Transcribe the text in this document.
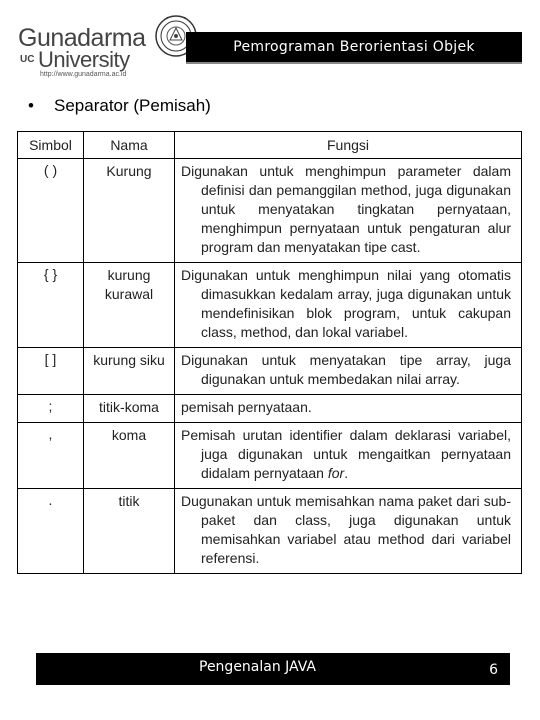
Gunadarma
UC University
http://www.gunadarma.ac.id
Pemrograman Berorientasi Objek
• Separator (Pemisah)
Simbol	Nama	Fungsi
( )	Kurung	Digunakan untuk menghimpun parameter dalam definisi dan pemanggilan method, juga digunakan untuk menyatakan tingkatan pernyataan, menghimpun pernyataan untuk pengaturan alur program dan menyatakan tipe cast.
{ }	kurung kurawal	Digunakan untuk menghimpun nilai yang otomatis dimasukkan kedalam array, juga digunakan untuk mendefinisikan blok program, untuk cakupan class, method, dan lokal variabel.
[ ]	kurung siku	Digunakan untuk menyatakan tipe array, juga digunakan untuk membedakan nilai array.
;	titik-koma	pemisah pernyataan.
,	koma	Pemisah urutan identifier dalam deklarasi variabel, juga digunakan untuk mengaitkan pernyataan didalam pernyataan for.
.	titik	Dugunakan untuk memisahkan nama paket dari sub-paket dan class, juga digunakan untuk memisahkan variabel atau method dari variabel referensi.
Pengenalan JAVA	6
